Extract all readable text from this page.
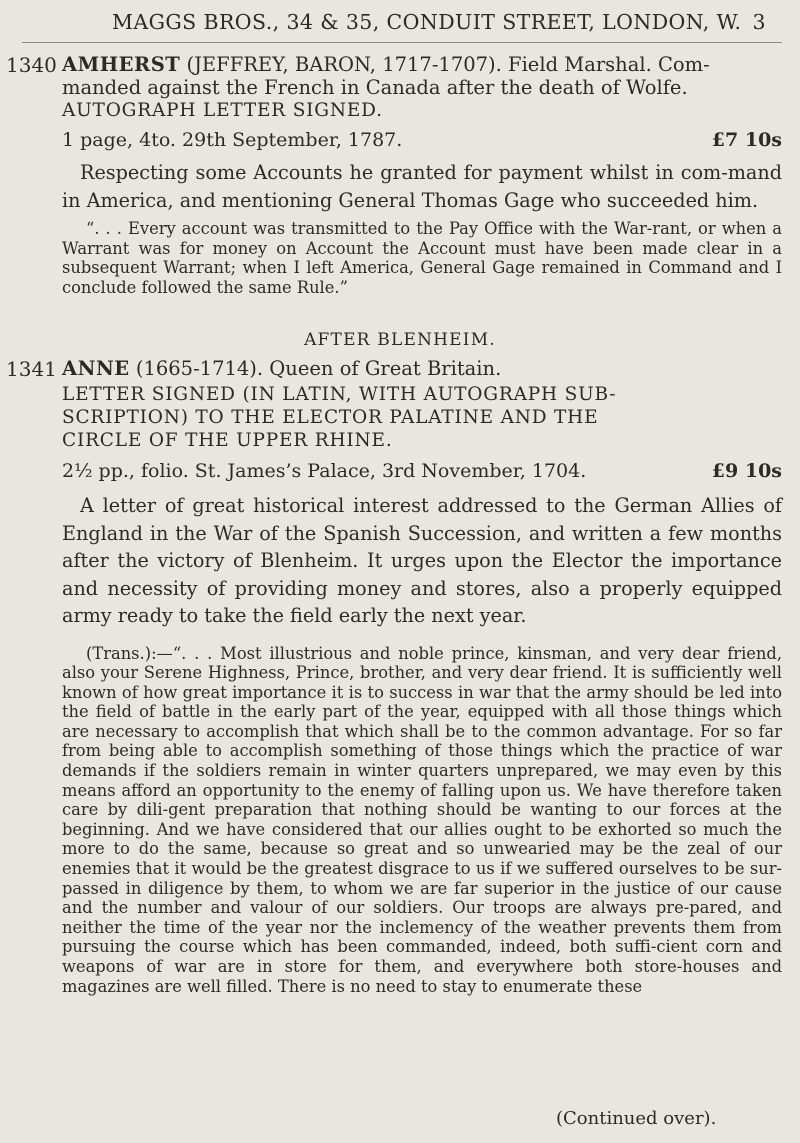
MAGGS BROS., 34 & 35, CONDUIT STREET, LONDON, W. 3
1340 AMHERST (JEFFREY, BARON, 1717-1707). Field Marshal. Com-
manded against the French in Canada after the death of Wolfe.
AUTOGRAPH LETTER SIGNED.
1 page, 4to. 29th September, 1787.	£7 10s
Respecting some Accounts he granted for payment whilst in com-mand in America, and mentioning General Thomas Gage who succeeded him.
“. . . Every account was transmitted to the Pay Office with the War-rant, or when a Warrant was for money on Account the Account must have been made clear in a subsequent Warrant; when I left America, General Gage remained in Command and I conclude followed the same Rule.”
AFTER BLENHEIM.
1341 ANNE (1665-1714). Queen of Great Britain.
LETTER SIGNED (IN LATIN, WITH AUTOGRAPH SUB-
SCRIPTION) TO THE ELECTOR PALATINE AND THE
CIRCLE OF THE UPPER RHINE.
2½ pp., folio. St. James’s Palace, 3rd November, 1704.	£9 10s
A letter of great historical interest addressed to the German Allies of England in the War of the Spanish Succession, and written a few months after the victory of Blenheim. It urges upon the Elector the importance and necessity of providing money and stores, also a properly equipped army ready to take the field early the next year.
(Trans.):—“. . . Most illustrious and noble prince, kinsman, and very dear friend, also your Serene Highness, Prince, brother, and very dear friend. It is sufficiently well known of how great importance it is to success in war that the army should be led into the field of battle in the early part of the year, equipped with all those things which are necessary to accomplish that which shall be to the common advantage. For so far from being able to accomplish something of those things which the practice of war demands if the soldiers remain in winter quarters unprepared, we may even by this means afford an opportunity to the enemy of falling upon us. We have therefore taken care by dili-gent preparation that nothing should be wanting to our forces at the beginning. And we have considered that our allies ought to be exhorted so much the more to do the same, because so great and so unwearied may be the zeal of our enemies that it would be the greatest disgrace to us if we suffered ourselves to be sur-passed in diligence by them, to whom we are far superior in the justice of our cause and the number and valour of our soldiers. Our troops are always pre-pared, and neither the time of the year nor the inclemency of the weather prevents them from pursuing the course which has been commanded, indeed, both suffi-cient corn and weapons of war are in store for them, and everywhere both store-houses and magazines are well filled. There is no need to stay to enumerate these
(Continued over).
